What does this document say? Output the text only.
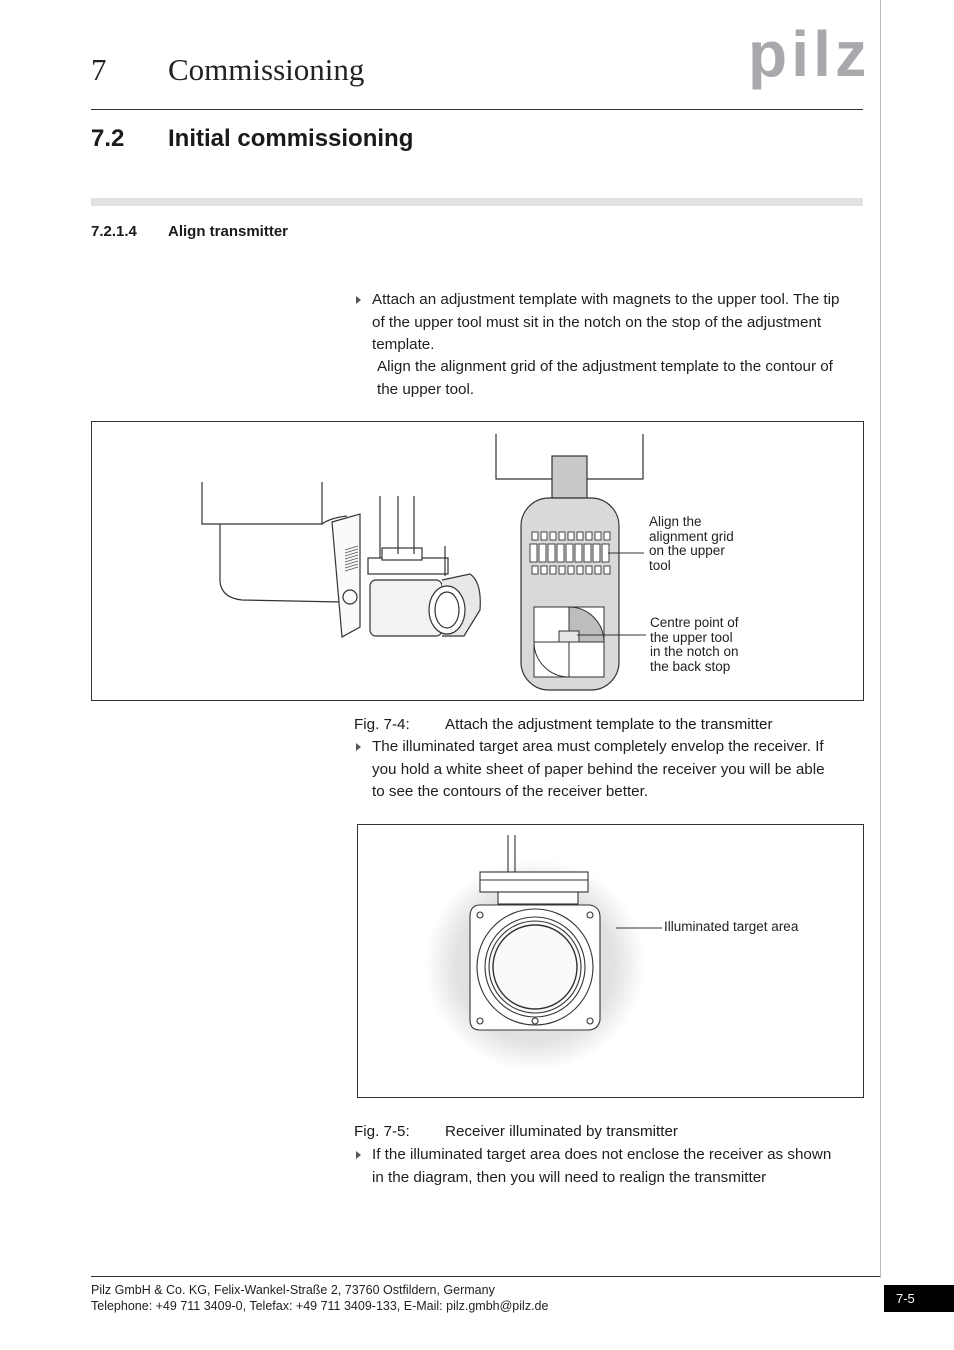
7 Commissioning	pilz
7.2 Initial commissioning
7.2.1.4 Align transmitter
Attach an adjustment template with magnets to the upper tool. The tip
of the upper tool must sit in the notch on the stop of the adjustment
template.
Align the alignment grid of the adjustment template to the contour of
the upper tool.
Align the
alignment grid
on the upper
tool
Centre point of
the upper tool
in the notch on
the back stop
Fig. 7-4: Attach the adjustment template to the transmitter
The illuminated target area must completely envelop the receiver. If
you hold a white sheet of paper behind the receiver you will be able
to see the contours of the receiver better.
Illuminated target area
Fig. 7-5: Receiver illuminated by transmitter
If the illuminated target area does not enclose the receiver as shown
in the diagram, then you will need to realign the transmitter
Pilz GmbH & Co. KG, Felix-Wankel-Straße 2, 73760 Ostfildern, Germany
Telephone: +49 711 3409-0, Telefax: +49 711 3409-133, E-Mail: pilz.gmbh@pilz.de	7-5
